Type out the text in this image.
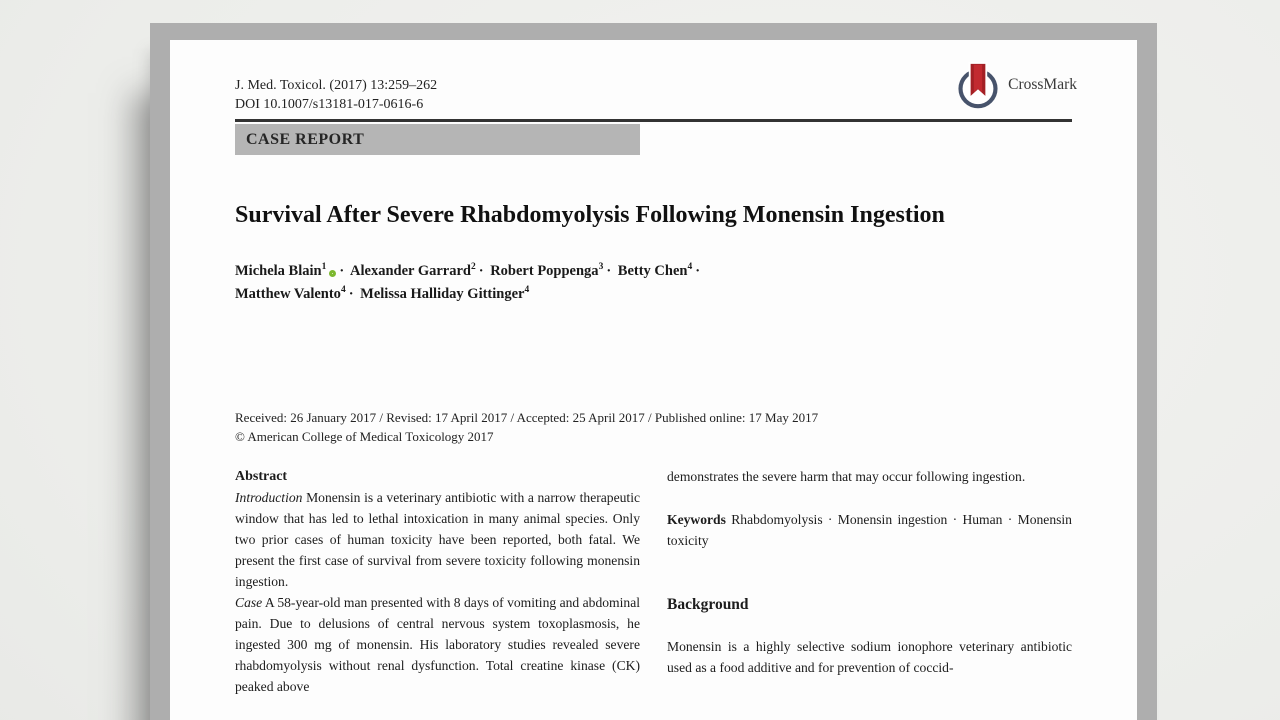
J. Med. Toxicol. (2017) 13:259–262
DOI 10.1007/s13181-017-0616-6
CrossMark
CASE REPORT
Survival After Severe Rhabdomyolysis Following Monensin Ingestion
Michela Blain$^1$ · Alexander Garrard$^2$ · Robert Poppenga$^3$ · Betty Chen$^4$ · Matthew Valento$^4$ · Melissa Halliday Gittinger$^4$
Received: 26 January 2017 / Revised: 17 April 2017 / Accepted: 25 April 2017 / Published online: 17 May 2017
© American College of Medical Toxicology 2017
Abstract

Introduction Monensin is a veterinary antibiotic with a narrow therapeutic window that has led to lethal intoxication in many animal species. Only two prior cases of human toxicity have been reported, both fatal. We present the first case of survival from severe toxicity following monensin ingestion.

Case A 58-year-old man presented with 8 days of vomiting and abdominal pain. Due to delusions of central nervous system toxoplasmosis, he ingested 300 mg of monensin. His laboratory studies revealed severe rhabdomyolysis without renal dysfunction. Total creatine kinase (CK) peaked above

demonstrates the severe harm that may occur following ingestion.

Keywords Rhabdomyolysis · Monensin ingestion · Human · Monensin toxicity

Background

Monensin is a highly selective sodium ionophore veterinary antibiotic used as a food additive and for prevention of coccid-
